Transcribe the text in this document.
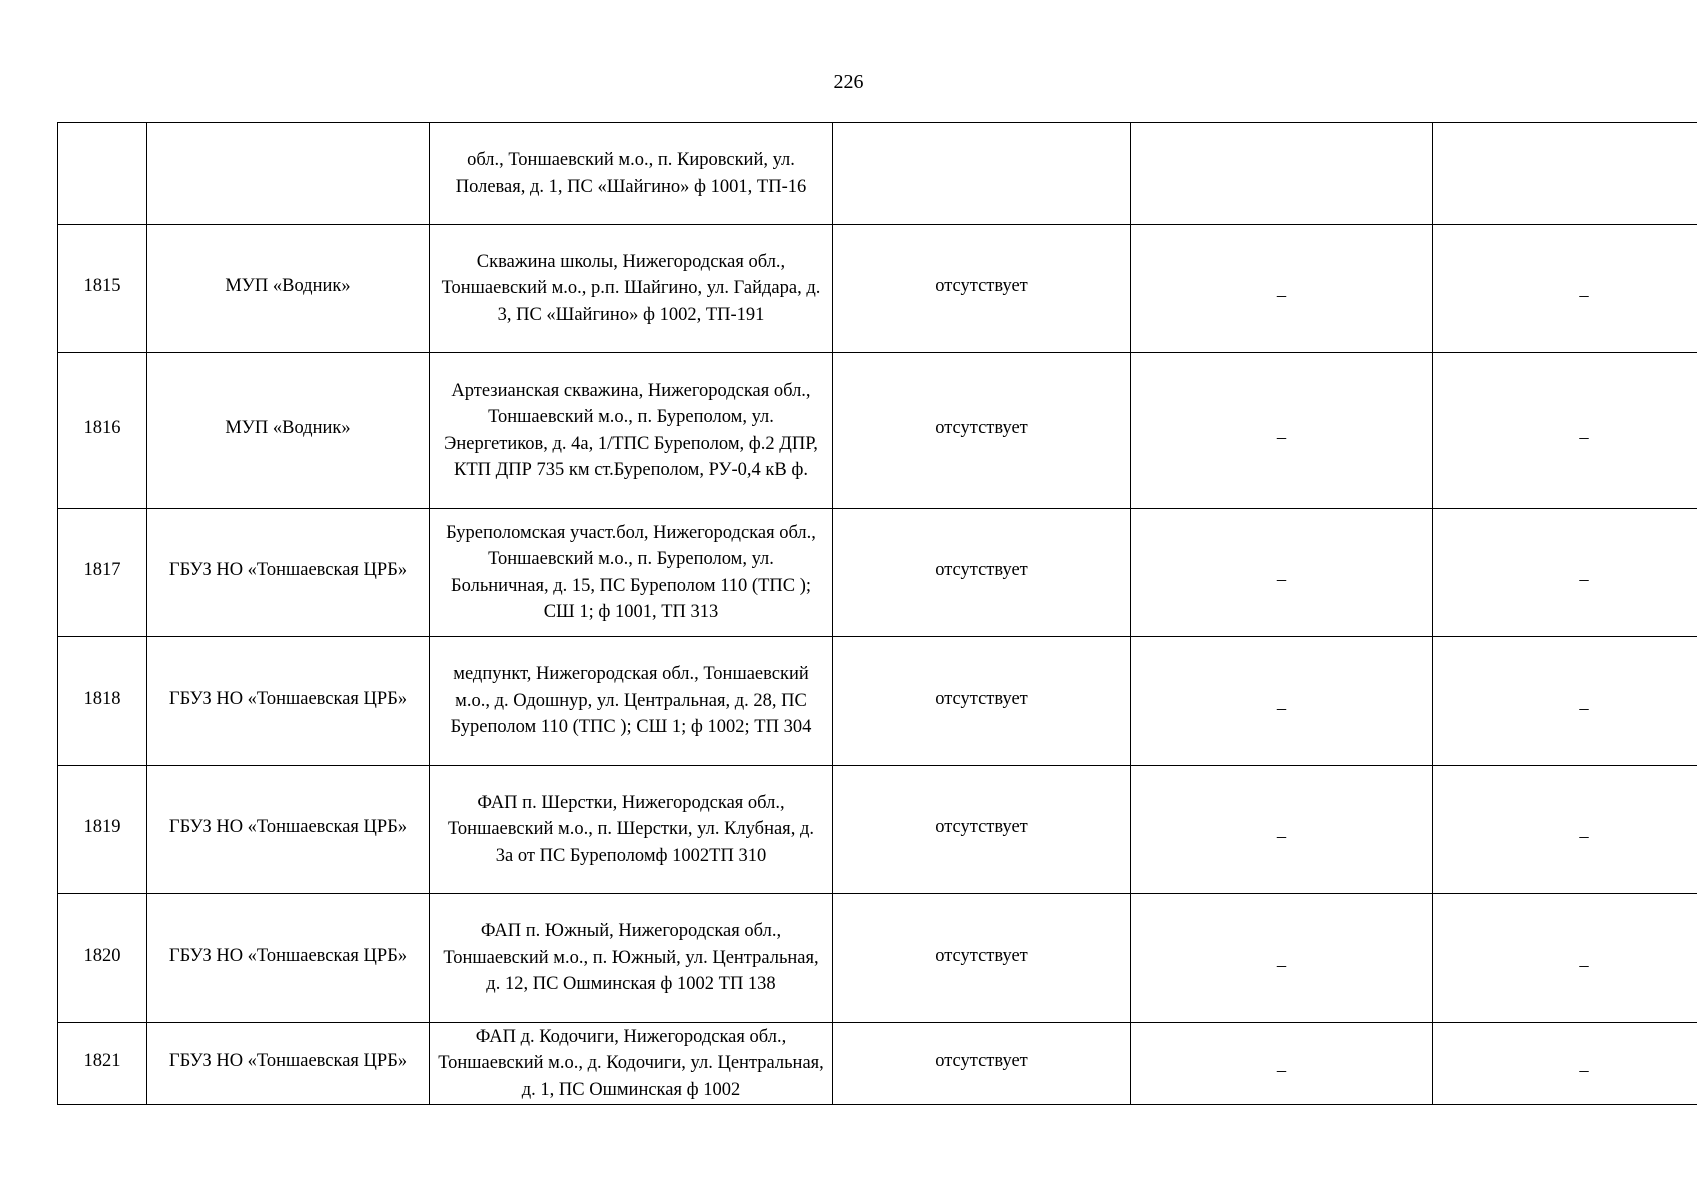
226
		обл., Тоншаевский м.о., п. Кировский, ул. Полевая, д. 1, ПС «Шайгино» ф 1001, ТП-16			
1815	МУП «Водник»	Скважина школы, Нижегородская обл., Тоншаевский м.о., р.п. Шайгино, ул. Гайдара, д. 3, ПС «Шайгино» ф 1002, ТП-191	отсутствует	–	–
1816	МУП «Водник»	Артезианская скважина, Нижегородская обл., Тоншаевский м.о., п. Буреполом, ул. Энергетиков, д. 4а, 1/ТПС Буреполом, ф.2 ДПР, КТП ДПР 735 км ст.Буреполом, РУ-0,4 кВ ф.	отсутствует	–	–
1817	ГБУЗ НО «Тоншаевская ЦРБ»	Буреполомская участ.бол, Нижегородская обл., Тоншаевский м.о., п. Буреполом, ул. Больничная, д. 15, ПС Буреполом 110 (ТПС ); СШ 1; ф 1001, ТП 313	отсутствует	–	–
1818	ГБУЗ НО «Тоншаевская ЦРБ»	медпункт, Нижегородская обл., Тоншаевский м.о., д. Одошнур, ул. Центральная, д. 28, ПС Буреполом 110 (ТПС ); СШ 1; ф 1002; ТП 304	отсутствует	–	–
1819	ГБУЗ НО «Тоншаевская ЦРБ»	ФАП п. Шерстки, Нижегородская обл., Тоншаевский м.о., п. Шерстки, ул. Клубная, д. 3а от ПС Буреполомф 1002ТП 310	отсутствует	–	–
1820	ГБУЗ НО «Тоншаевская ЦРБ»	ФАП п. Южный, Нижегородская обл., Тоншаевский м.о., п. Южный, ул. Центральная, д. 12, ПС Ошминская ф 1002 ТП 138	отсутствует	–	–
1821	ГБУЗ НО «Тоншаевская ЦРБ»	ФАП д. Кодочиги, Нижегородская обл., Тоншаевский м.о., д. Кодочиги, ул. Центральная, д. 1, ПС Ошминская ф 1002	отсутствует	–	–
